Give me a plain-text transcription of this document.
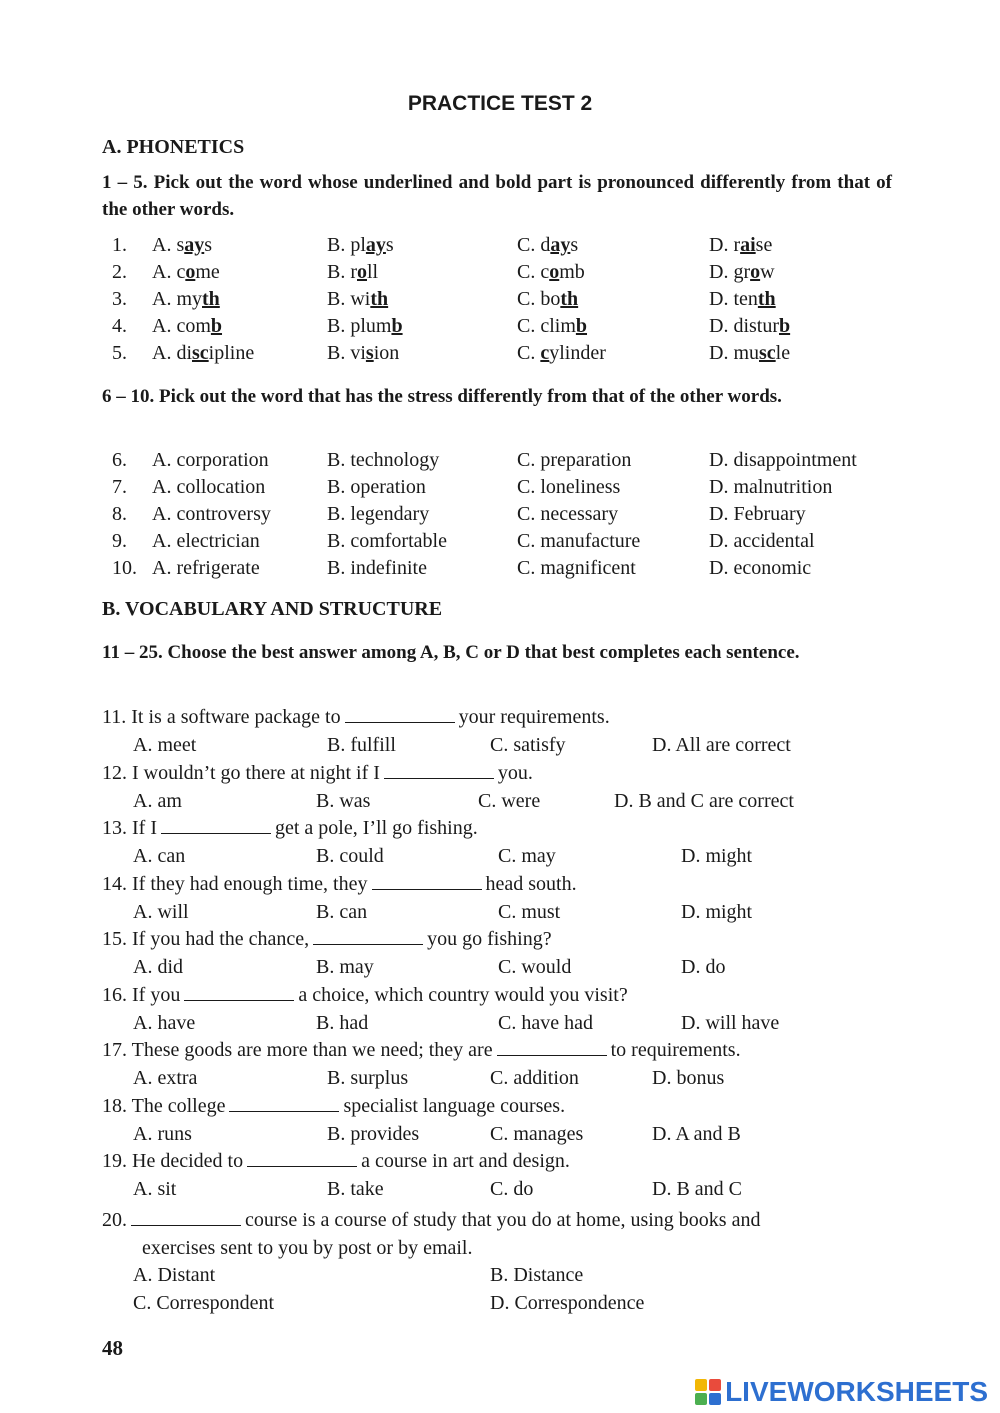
PRACTICE TEST 2
A. PHONETICS
1 – 5. Pick out the word whose underlined and bold part is pronounced differently from that of the other words.
1. A. says	B. plays	C. days	D. raise
2. A. come	B. roll	C. comb	D. grow
3. A. myth	B. with	C. both	D. tenth
4. A. comb	B. plumb	C. climb	D. disturb
5. A. discipline	B. vision	C. cylinder	D. muscle
6 – 10. Pick out the word that has the stress differently from that of the other words.
6. A. corporation	B. technology	C. preparation	D. disappointment
7. A. collocation	B. operation	C. loneliness	D. malnutrition
8. A. controversy	B. legendary	C. necessary	D. February
9. A. electrician	B. comfortable	C. manufacture	D. accidental
10. A. refrigerate	B. indefinite	C. magnificent	D. economic
B. VOCABULARY AND STRUCTURE
11 – 25. Choose the best answer among A, B, C or D that best completes each sentence.
11. It is a software package to	your requirements.
A. meet	B. fulfill	C. satisfy	D. All are correct
12. I wouldn’t go there at night if I	you.
A. am	B. was	C. were	D. B and C are correct
13. If I	get a pole, I’ll go fishing.
A. can	B. could	C. may	D. might
14. If they had enough time, they	head south.
A. will	B. can	C. must	D. might
15. If you had the chance,	you go fishing?
A. did	B. may	C. would	D. do
16. If you	a choice, which country would you visit?
A. have	B. had	C. have had	D. will have
17. These goods are more than we need; they are	to requirements.
A. extra	B. surplus	C. addition	D. bonus
18. The college	specialist language courses.
A. runs	B. provides	C. manages	D. A and B
19. He decided to	a course in art and design.
A. sit	B. take	C. do	D. B and C
20.	course is a course of study that you do at home, using books and
exercises sent to you by post or by email.
A. Distant	B. Distance
C. Correspondent	D. Correspondence
48
LIVEWORKSHEETS
